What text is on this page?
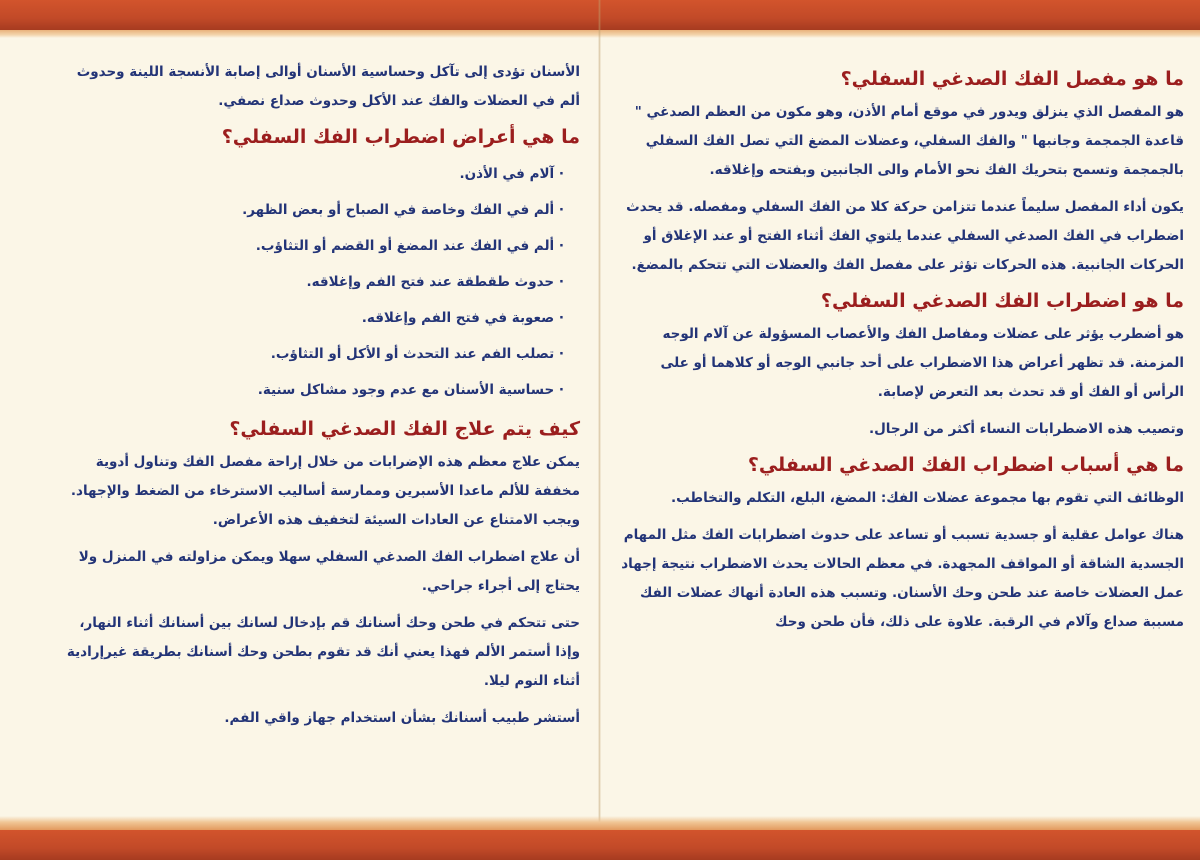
ما هو مفصل الفك الصدغي السفلي؟

هو المفصل الذي ينزلق ويدور في موقع أمام الأذن، وهو مكون من العظم الصدغي " قاعدة الجمجمة وجانبها " والفك السفلي، وعضلات المضغ التي تصل الفك السفلي بالجمجمة وتسمح بتحريك الفك نحو الأمام والى الجانبين وبفتحه وإغلاقه.

يكون أداء المفصل سليماً عندما تتزامن حركة كلا من الفك السفلي ومفصله. قد يحدث اضطراب في الفك الصدغي السفلي عندما يلتوي الفك أثناء الفتح أو عند الإغلاق أو الحركات الجانبية. هذه الحركات تؤثر على مفصل الفك والعضلات التي تتحكم بالمضغ.

ما هو اضطراب الفك الصدغي السفلي؟

هو أضطرب يؤثر على عضلات ومفاصل الفك والأعصاب المسؤولة عن آلام الوجه المزمنة. قد تظهر أعراض هذا الاضطراب على أحد جانبي الوجه أو كلاهما أو على الرأس أو الفك أو قد تحدث بعد التعرض لإصابة.

وتصيب هذه الاضطرابات النساء أكثر من الرجال.

ما هي أسباب اضطراب الفك الصدغي السفلي؟

الوظائف التي تقوم بها مجموعة عضلات الفك: المضغ، البلع، التكلم والتخاطب.

هناك عوامل عقلية أو جسدية تسبب أو تساعد على حدوث اضطرابات الفك مثل المهام الجسدية الشاقة أو المواقف المجهدة. في معظم الحالات يحدث الاضطراب نتيجة إجهاد عمل العضلات خاصة عند طحن وحك الأسنان. وتسبب هذه العادة أنهاك عضلات الفك مسببة صداع وآلام في الرقبة. علاوة على ذلك، فأن طحن وحك

الأسنان تؤدى إلى تآكل وحساسية الأسنان أوالى إصابة الأنسجة اللينة وحدوث ألم في العضلات والفك عند الأكل وحدوث صداع نصفي.

ما هي أعراض اضطراب الفك السفلي؟
· آلام في الأذن.
· ألم في الفك وخاصة في الصباح أو بعض الظهر.
· ألم في الفك عند المضغ أو القضم أو التثاؤب.
· حدوث طقطقة عند فتح الفم وإغلاقه.
· صعوبة في فتح الفم وإغلاقه.
· تصلب الفم عند التحدث أو الأكل أو التثاؤب.
· حساسية الأسنان مع عدم وجود مشاكل سنية.
كيف يتم علاج الفك الصدغي السفلي؟

يمكن علاج معظم هذه الإضرابات من خلال إراحة مفصل الفك وتناول أدوية مخففة للألم ماعدا الأسبرين وممارسة أساليب الاسترخاء من الضغط والإجهاد. ويجب الامتناع عن العادات السيئة لتخفيف هذه الأعراض.

أن علاج اضطراب الفك الصدغي السفلي سهلا ويمكن مزاولته في المنزل ولا يحتاج إلى أجراء جراحي.

حتى تتحكم في طحن وحك أسنانك قم بإدخال لسانك بين أسنانك أثناء النهار، وإذا أستمر الألم فهذا يعني أنك قد تقوم بطحن وحك أسنانك بطريقة غيرإرادية أثناء النوم ليلا.

أستشر طبيب أسنانك بشأن استخدام جهاز واقي الفم.
